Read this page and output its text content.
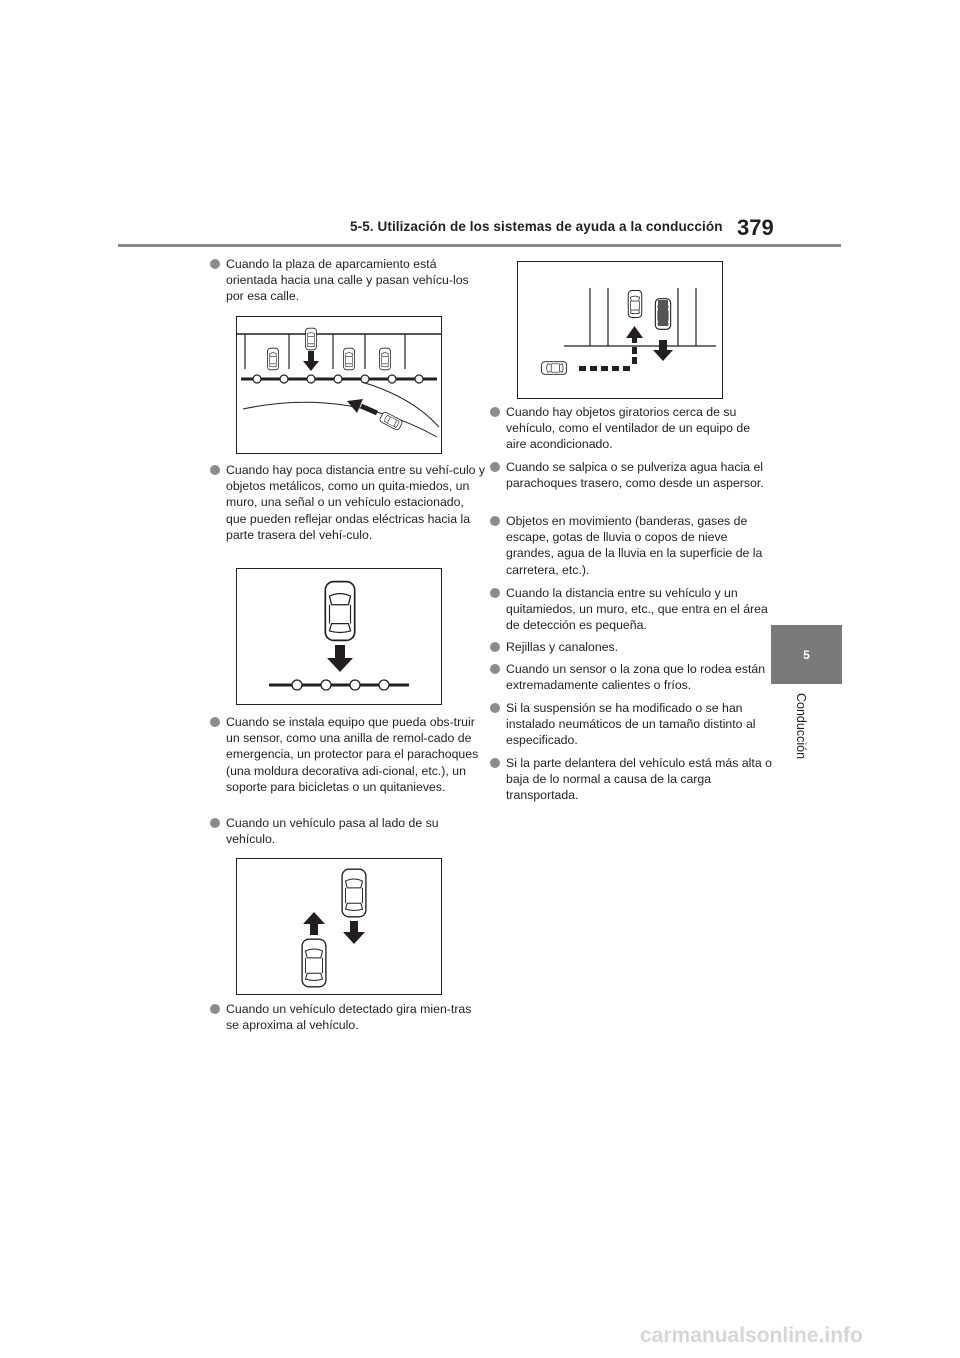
5-5. Utilización de los sistemas de ayuda a la conducción 379
5
Conducción
Cuando la plaza de aparcamiento está orientada hacia una calle y pasan vehícu-los por esa calle.
Cuando hay poca distancia entre su vehí-culo y objetos metálicos, como un quita-miedos, un muro, una señal o un vehículo estacionado, que pueden reflejar ondas eléctricas hacia la parte trasera del vehí-culo.
Cuando se instala equipo que pueda obs-truir un sensor, como una anilla de remol-cado de emergencia, un protector para el parachoques (una moldura decorativa adi-cional, etc.), un soporte para bicicletas o un quitanieves.
Cuando un vehículo pasa al lado de su vehículo.
Cuando un vehículo detectado gira mien-tras se aproxima al vehículo.
Cuando hay objetos giratorios cerca de su vehículo, como el ventilador de un equipo de aire acondicionado.
Cuando se salpica o se pulveriza agua hacia el parachoques trasero, como desde un aspersor.
Objetos en movimiento (banderas, gases de escape, gotas de lluvia o copos de nieve grandes, agua de la lluvia en la superficie de la carretera, etc.).
Cuando la distancia entre su vehículo y un quitamiedos, un muro, etc., que entra en el área de detección es pequeña.
Rejillas y canalones.
Cuando un sensor o la zona que lo rodea están extremadamente calientes o fríos.
Si la suspensión se ha modificado o se han instalado neumáticos de un tamaño distinto al especificado.
Si la parte delantera del vehículo está más alta o baja de lo normal a causa de la carga transportada.
carmanualsonline.info
